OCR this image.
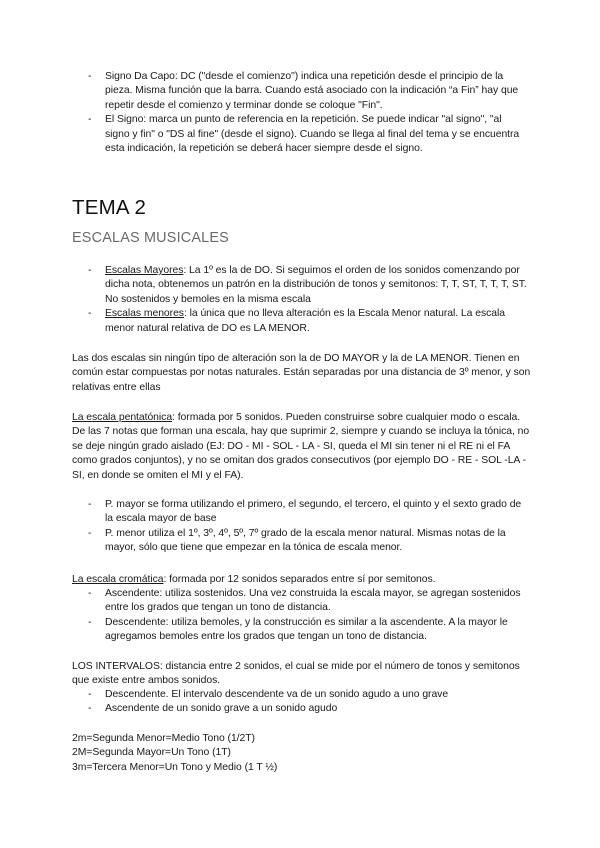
- Signo Da Capo: DC ("desde el comienzo") indica una repetición desde el principio de la pieza. Misma función que la barra. Cuando está asociado con la indicación “a Fin” hay que repetir desde el comienzo y terminar donde se coloque "Fin".
- El Signo: marca un punto de referencia en la repetición. Se puede indicar "al signo", "al signo y fin" o "DS al fine" (desde el signo). Cuando se llega al final del tema y se encuentra esta indicación, la repetición se deberá hacer siempre desde el signo.
TEMA 2
ESCALAS MUSICALES
- Escalas Mayores: La 1º es la de DO. Si seguimos el orden de los sonidos comenzando por dicha nota, obtenemos un patrón en la distribución de tonos y semitonos: T, T, ST, T, T, T, ST. No sostenidos y bemoles en la misma escala
- Escalas menores: la única que no lleva alteración es la Escala Menor natural. La escala menor natural relativa de DO es LA MENOR.
Las dos escalas sin ningún tipo de alteración son la de DO MAYOR y la de LA MENOR. Tienen en común estar compuestas por notas naturales. Están separadas por una distancia de 3º menor, y son relativas entre ellas
La escala pentatónica: formada por 5 sonidos. Pueden construirse sobre cualquier modo o escala. De las 7 notas que forman una escala, hay que suprimir 2, siempre y cuando se incluya la tónica, no se deje ningún grado aislado (EJ: DO - MI - SOL - LA - SI, queda el MI sin tener ni el RE ni el FA como grados conjuntos), y no se omitan dos grados consecutivos (por ejemplo DO - RE - SOL -LA - SI, en donde se omiten el MI y el FA).
- P. mayor se forma utilizando el primero, el segundo, el tercero, el quinto y el sexto grado de la escala mayor de base
- P. menor utiliza el 1º, 3º, 4º, 5º, 7º grado de la escala menor natural. Mismas notas de la mayor, sólo que tiene que empezar en la tónica de escala menor.
La escala cromática: formada por 12 sonidos separados entre sí por semitonos.
- Ascendente: utiliza sostenidos. Una vez construida la escala mayor, se agregan sostenidos entre los grados que tengan un tono de distancia.
- Descendente: utiliza bemoles, y la construcción es similar a la ascendente. A la mayor le agregamos bemoles entre los grados que tengan un tono de distancia.
LOS INTERVALOS: distancia entre 2 sonidos, el cual se mide por el número de tonos y semitonos que existe entre ambos sonidos.
- Descendente. El intervalo descendente va de un sonido agudo a uno grave
- Ascendente de un sonido grave a un sonido agudo
2m=Segunda Menor=Medio Tono (1/2T)
2M=Segunda Mayor=Un Tono (1T)
3m=Tercera Menor=Un Tono y Medio (1 T ½)
